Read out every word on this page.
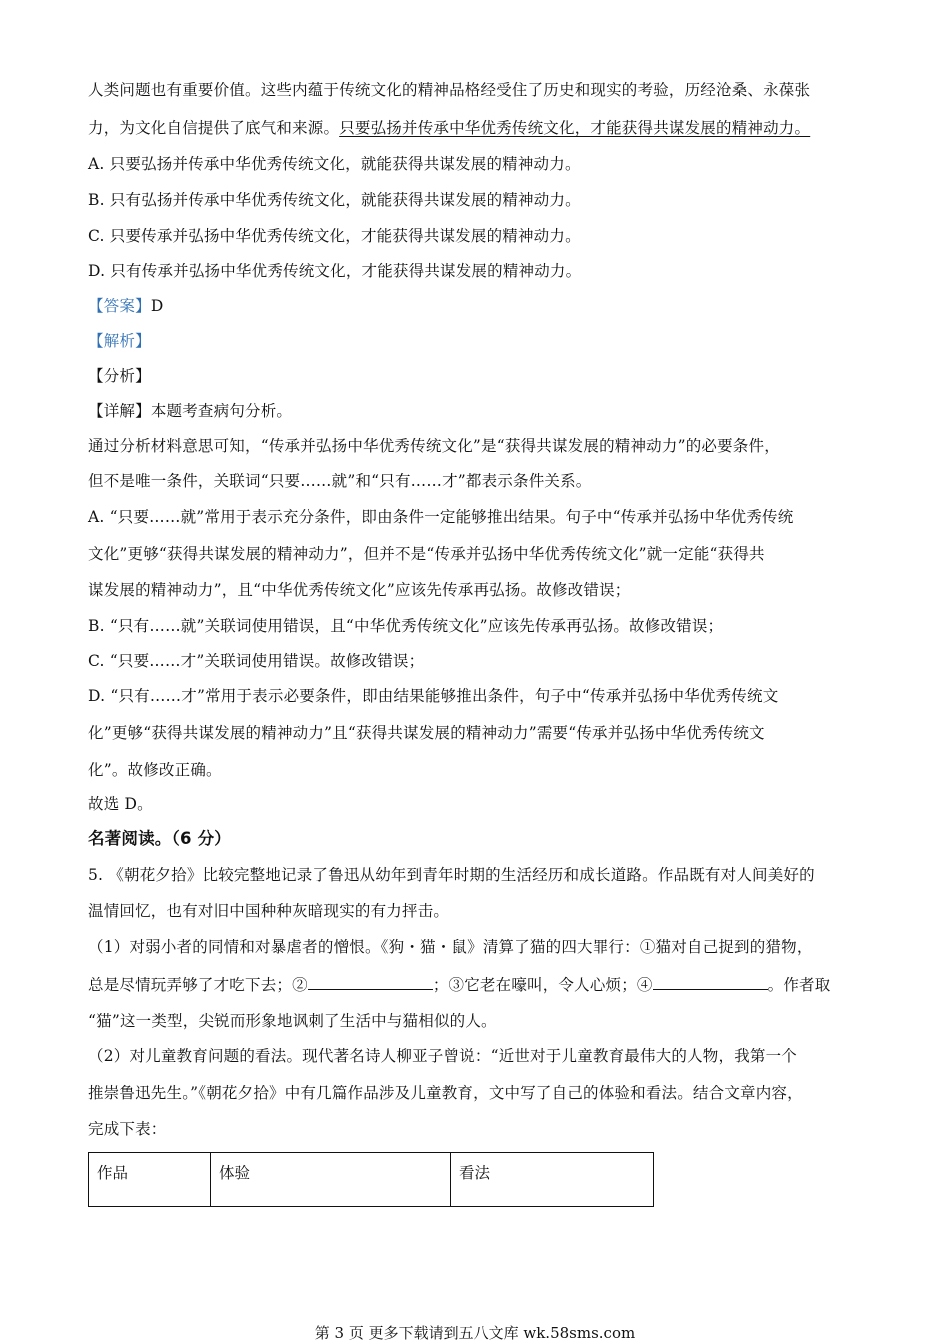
人类问题也有重要价值。这些内蕴于传统文化的精神品格经受住了历史和现实的考验，历经沧桑、永葆张
力，为文化自信提供了底气和来源。只要弘扬并传承中华优秀传统文化，才能获得共谋发展的精神动力。
A. 只要弘扬并传承中华优秀传统文化，就能获得共谋发展的精神动力。
B. 只有弘扬并传承中华优秀传统文化，就能获得共谋发展的精神动力。
C. 只要传承并弘扬中华优秀传统文化，才能获得共谋发展的精神动力。
D. 只有传承并弘扬中华优秀传统文化，才能获得共谋发展的精神动力。
【答案】D
【解析】
【分析】
【详解】本题考查病句分析。
通过分析材料意思可知，“传承并弘扬中华优秀传统文化”是“获得共谋发展的精神动力”的必要条件，
但不是唯一条件，关联词“只要……就”和“只有……才”都表示条件关系。
A. “只要……就”常用于表示充分条件，即由条件一定能够推出结果。句子中“传承并弘扬中华优秀传统
文化”更够“获得共谋发展的精神动力”，但并不是“传承并弘扬中华优秀传统文化”就一定能“获得共
谋发展的精神动力”，且“中华优秀传统文化”应该先传承再弘扬。故修改错误；
B. “只有……就”关联词使用错误，且“中华优秀传统文化”应该先传承再弘扬。故修改错误；
C. “只要……才”关联词使用错误。故修改错误；
D. “只有……才”常用于表示必要条件，即由结果能够推出条件，句子中“传承并弘扬中华优秀传统文
化”更够“获得共谋发展的精神动力”且“获得共谋发展的精神动力”需要“传承并弘扬中华优秀传统文
化”。故修改正确。
故选 D。
名著阅读。（6 分）
5. 《朝花夕拾》比较完整地记录了鲁迅从幼年到青年时期的生活经历和成长道路。作品既有对人间美好的
温情回忆，也有对旧中国种种灰暗现实的有力抨击。
（1）对弱小者的同情和对暴虐者的憎恨。《狗・猫・鼠》清算了猫的四大罪行：①猫对自己捉到的猎物，
总是尽情玩弄够了才吃下去；②	；③它老在嚎叫，令人心烦；④	。作者取
“猫”这一类型，尖锐而形象地讽刺了生活中与猫相似的人。
（2）对儿童教育问题的看法。现代著名诗人柳亚子曾说：“近世对于儿童教育最伟大的人物，我第一个
推崇鲁迅先生。”《朝花夕拾》中有几篇作品涉及儿童教育，文中写了自己的体验和看法。结合文章内容，
完成下表：
作品	体验	看法
第 3 页 更多下载请到五八文库 wk.58sms.com
